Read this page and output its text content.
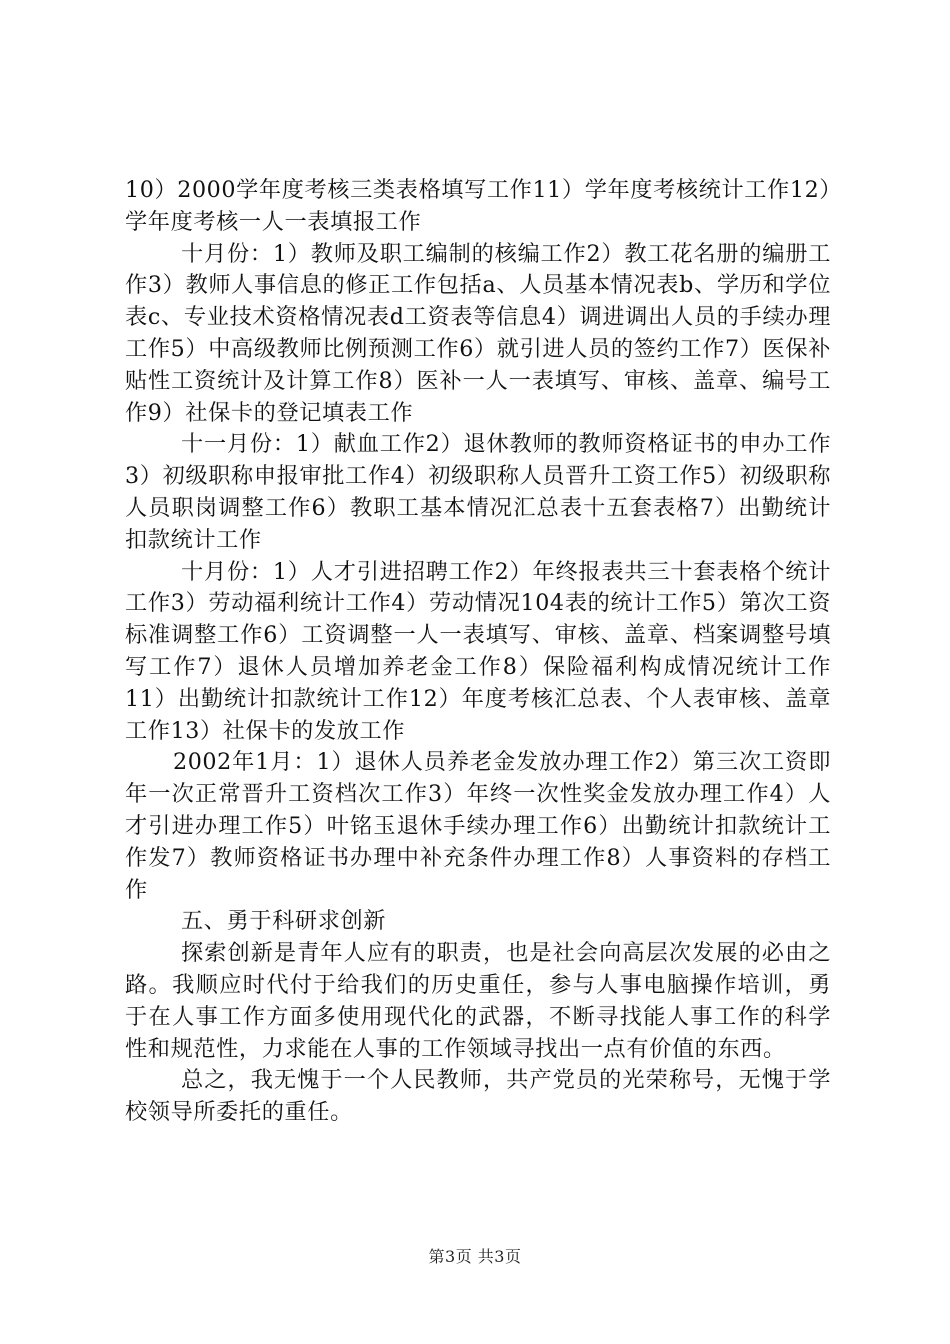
10）2000学年度考核三类表格填写工作11）学年度考核统计工作12）学年度考核一人一表填报工作

十月份：1）教师及职工编制的核编工作2）教工花名册的编册工作3）教师人事信息的修正工作包括a、人员基本情况表b、学历和学位表c、专业技术资格情况表d工资表等信息4）调进调出人员的手续办理工作5）中高级教师比例预测工作6）就引进人员的签约工作7）医保补贴性工资统计及计算工作8）医补一人一表填写、审核、盖章、编号工作9）社保卡的登记填表工作

十一月份：1）献血工作2）退休教师的教师资格证书的申办工作3）初级职称申报审批工作4）初级职称人员晋升工资工作5）初级职称人员职岗调整工作6）教职工基本情况汇总表十五套表格7）出勤统计扣款统计工作

十月份：1）人才引进招聘工作2）年终报表共三十套表格个统计工作3）劳动福利统计工作4）劳动情况104表的统计工作5）第次工资标准调整工作6）工资调整一人一表填写、审核、盖章、档案调整号填写工作7）退休人员增加养老金工作8）保险福利构成情况统计工作11）出勤统计扣款统计工作12）年度考核汇总表、个人表审核、盖章工作13）社保卡的发放工作

2002年1月：1）退休人员养老金发放办理工作2）第三次工资即年一次正常晋升工资档次工作3）年终一次性奖金发放办理工作4）人才引进办理工作5）叶铭玉退休手续办理工作6）出勤统计扣款统计工作发7）教师资格证书办理中补充条件办理工作8）人事资料的存档工作

五、勇于科研求创新

探索创新是青年人应有的职责，也是社会向高层次发展的必由之路。我顺应时代付于给我们的历史重任，参与人事电脑操作培训，勇于在人事工作方面多使用现代化的武器，不断寻找能人事工作的科学性和规范性，力求能在人事的工作领域寻找出一点有价值的东西。

总之，我无愧于一个人民教师，共产党员的光荣称号，无愧于学校领导所委托的重任。

第3页 共3页
